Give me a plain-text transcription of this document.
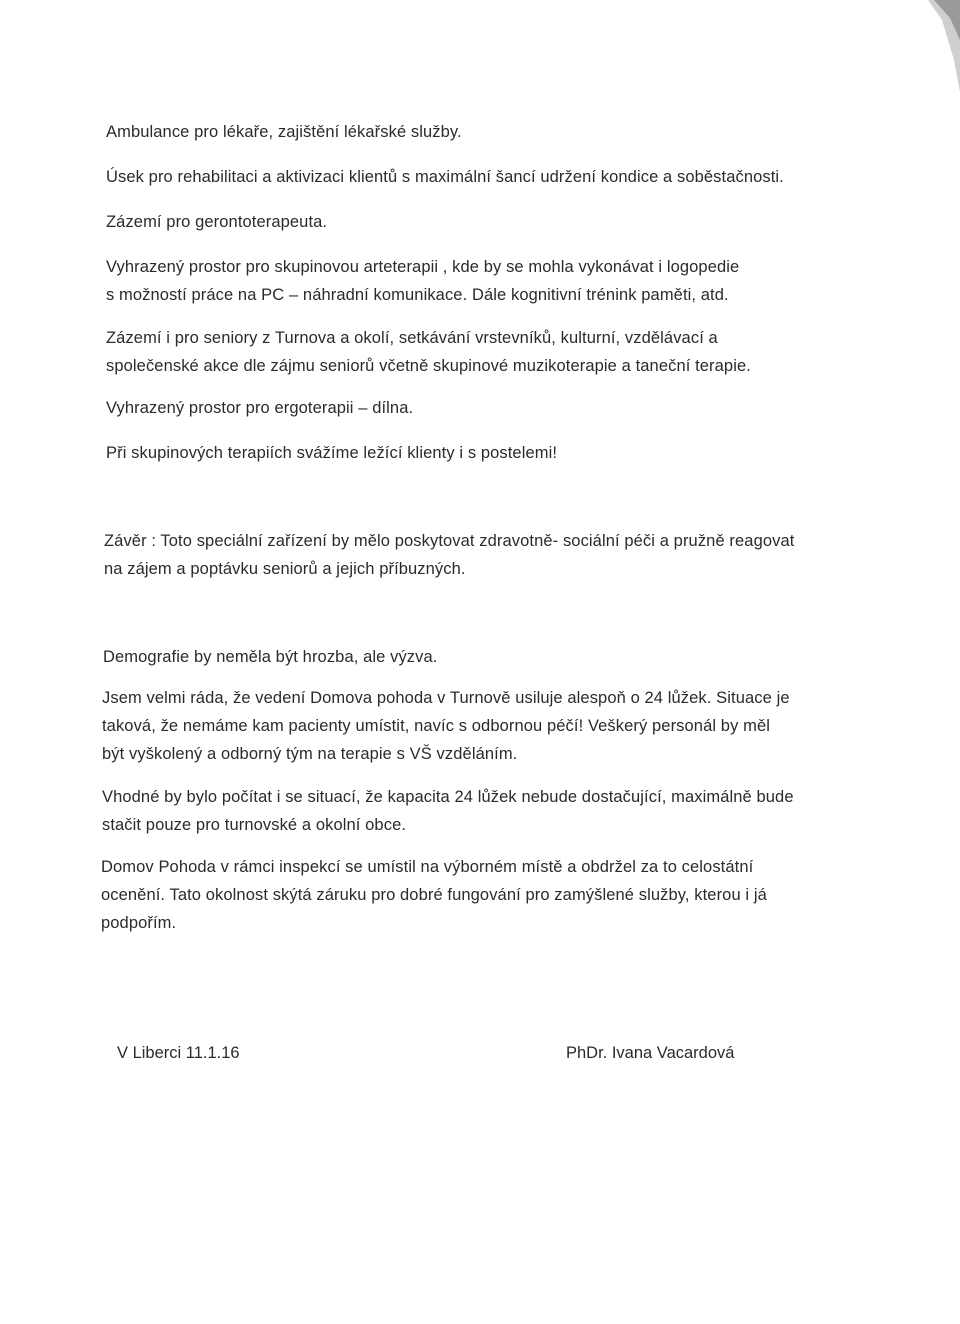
Ambulance pro lékaře, zajištění lékařské služby.
Úsek pro rehabilitaci a aktivizaci klientů s maximální šancí udržení kondice a soběstačnosti.
Zázemí pro gerontoterapeuta.
Vyhrazený prostor pro skupinovou arteterapii , kde by se mohla vykonávat i logopedie
s možností práce na PC – náhradní komunikace. Dále kognitivní trénink paměti, atd.
Zázemí i pro seniory z Turnova a okolí, setkávání vrstevníků, kulturní, vzdělávací a
společenské akce dle zájmu seniorů včetně skupinové muzikoterapie a taneční terapie.
Vyhrazený prostor pro ergoterapii – dílna.
Při skupinových terapiích svážíme ležící klienty i s postelemi!
Závěr : Toto speciální zařízení by mělo poskytovat zdravotně- sociální péči a pružně reagovat
na zájem a poptávku seniorů a jejich příbuzných.
Demografie by neměla být hrozba, ale výzva.
Jsem velmi ráda, že vedení Domova pohoda v Turnově usiluje alespoň o 24 lůžek. Situace je
taková, že nemáme kam pacienty umístit, navíc s odbornou péčí! Veškerý personál by měl
být vyškolený a odborný tým na terapie s VŠ vzděláním.
Vhodné by bylo počítat i se situací, že kapacita 24 lůžek nebude dostačující, maximálně bude
stačit pouze pro turnovské a okolní obce.
Domov Pohoda v rámci inspekcí se umístil na výborném místě a obdržel za to celostátní
ocenění. Tato okolnost skýtá záruku pro dobré fungování pro zamýšlené služby, kterou i já
podpořím.
V Liberci 11.1.16	PhDr. Ivana Vacardová
